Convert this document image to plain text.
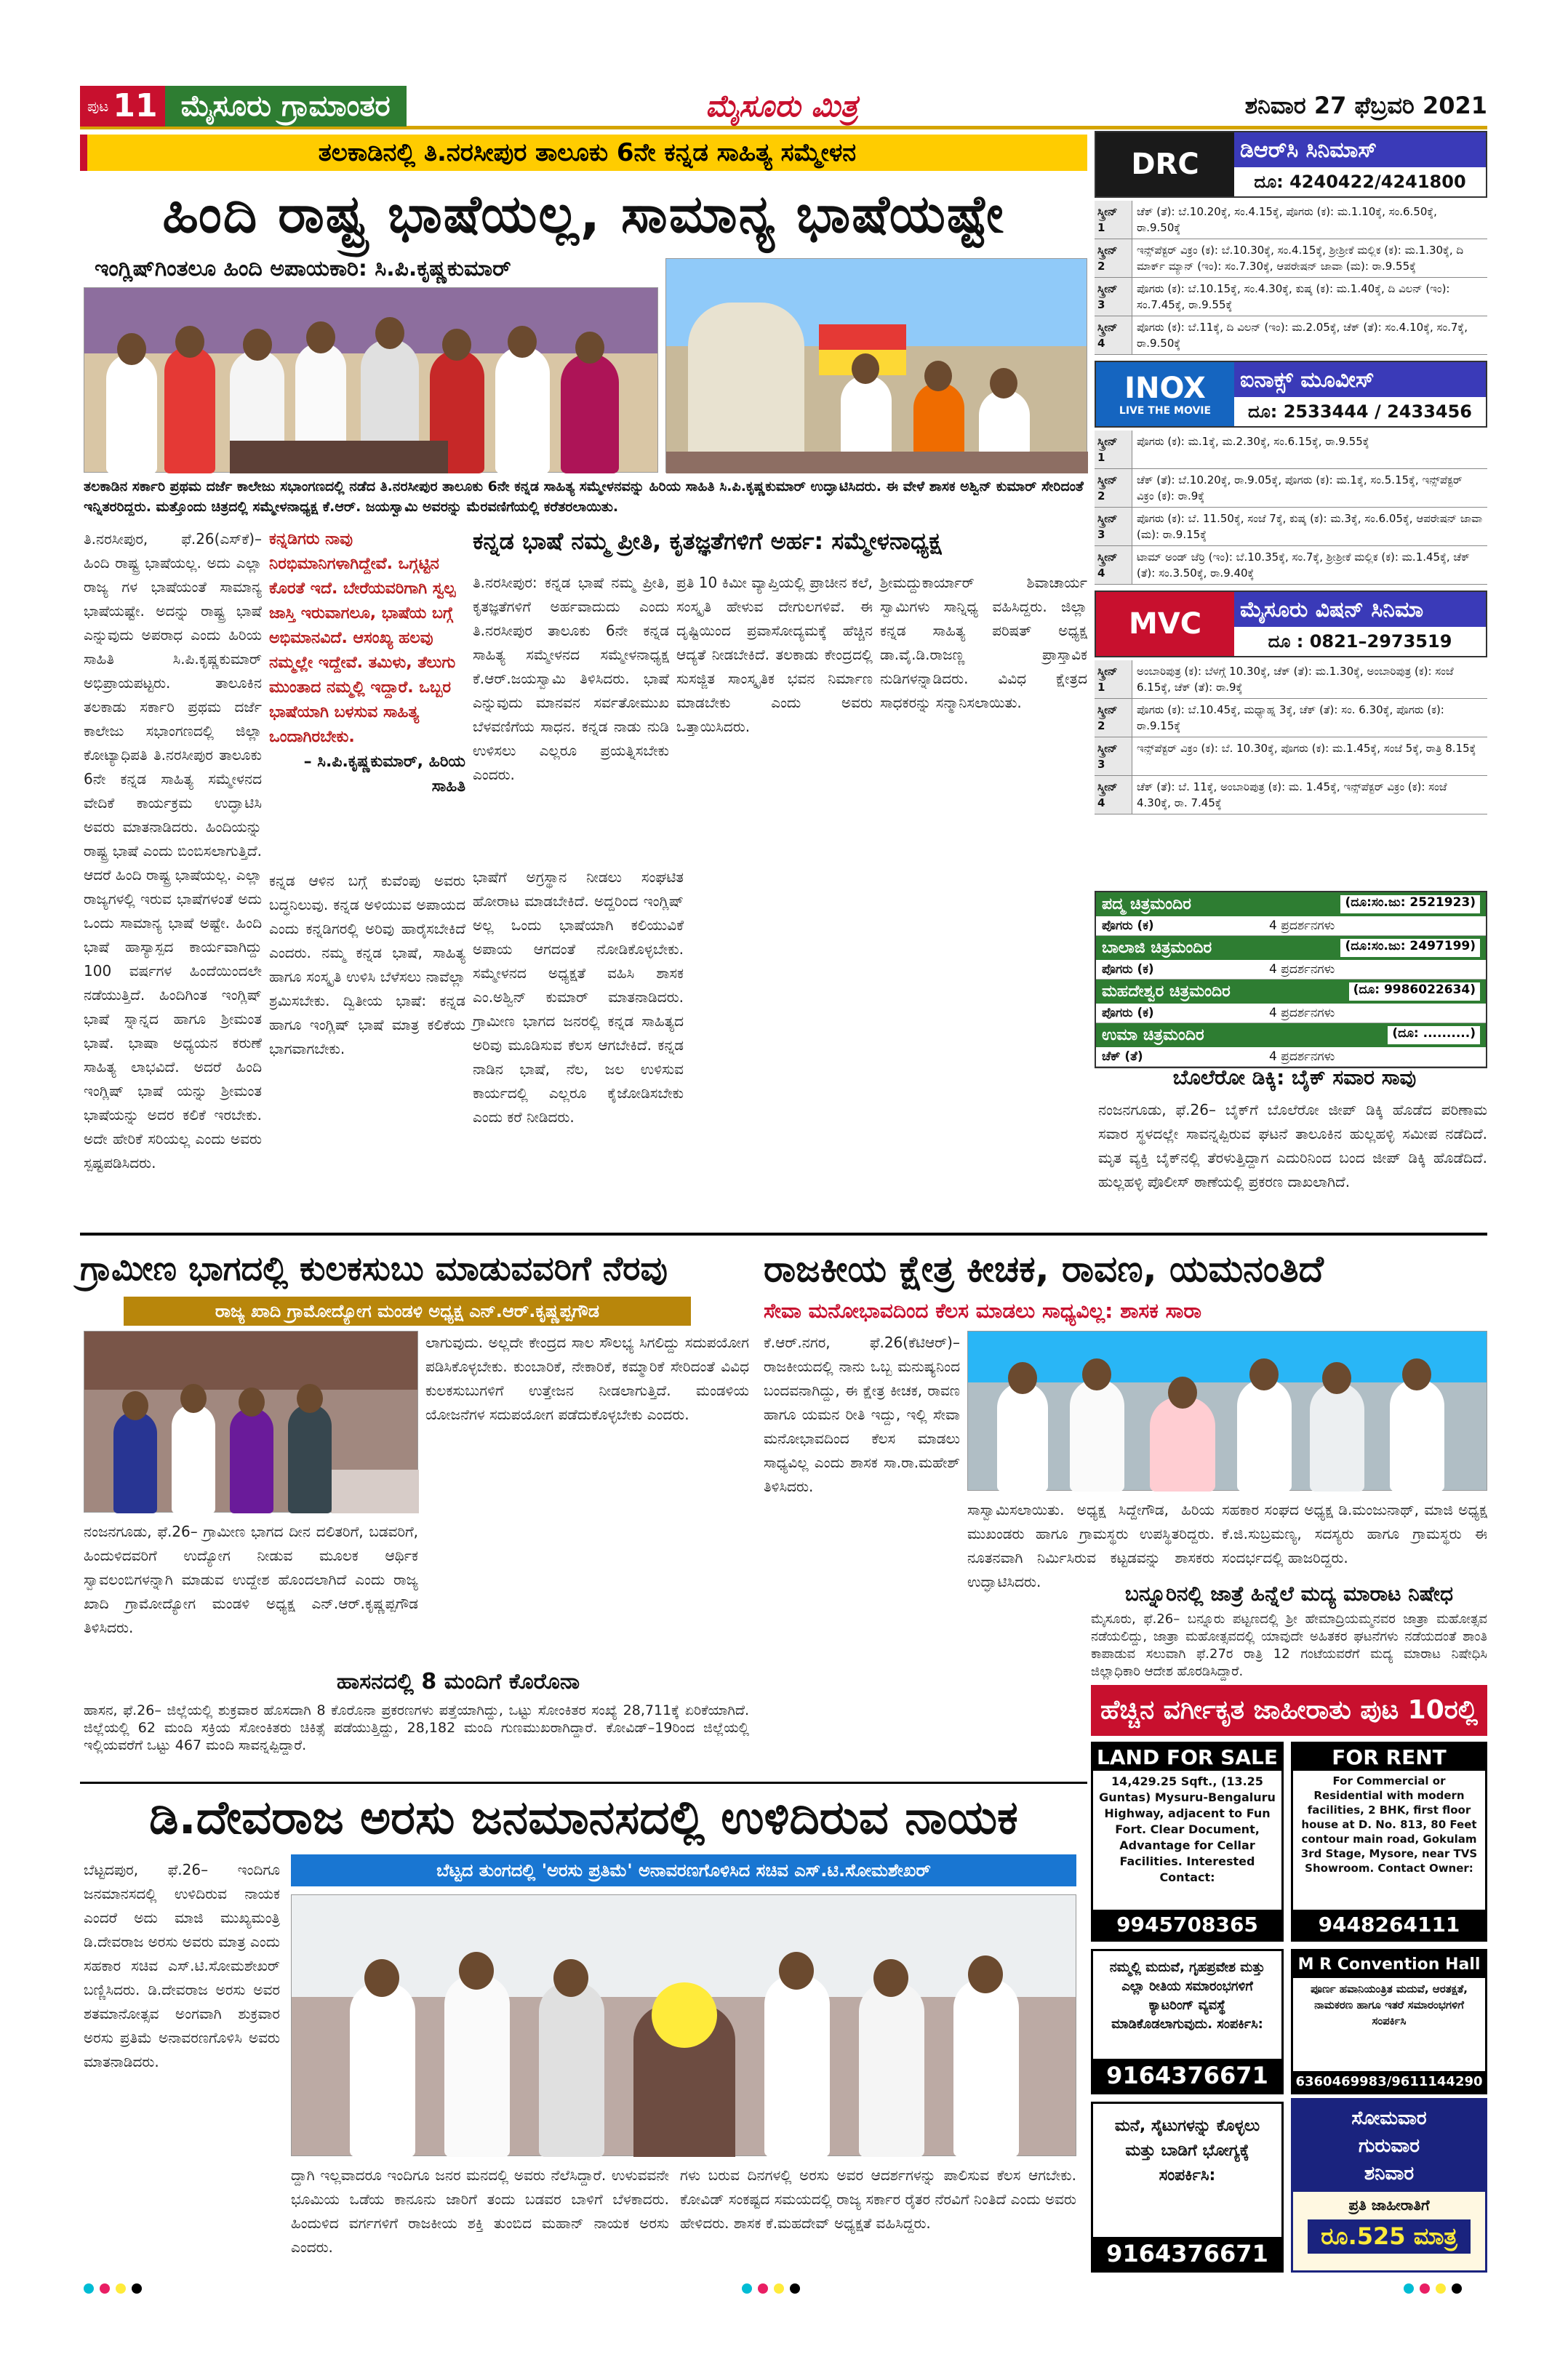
ಪುಟ 11 ಮೈಸೂರು ಗ್ರಾಮಾಂತರ	ಮೈಸೂರು ಮಿತ್ರ	ಶನಿವಾರ 27 ಫೆಬ್ರವರಿ 2021
ತಲಕಾಡಿನಲ್ಲಿ ತಿ.ನರಸೀಪುರ ತಾಲೂಕು 6ನೇ ಕನ್ನಡ ಸಾಹಿತ್ಯ ಸಮ್ಮೇಳನ
ಹಿಂದಿ ರಾಷ್ಟ್ರ ಭಾಷೆಯಲ್ಲ, ಸಾಮಾನ್ಯ ಭಾಷೆಯಷ್ಟೇ
ಇಂಗ್ಲಿಷ್‌ಗಿಂತಲೂ ಹಿಂದಿ ಅಪಾಯಕಾರಿ: ಸಿ.ಪಿ.ಕೃಷ್ಣಕುಮಾರ್
ತಲಕಾಡಿನ ಸರ್ಕಾರಿ ಪ್ರಥಮ ದರ್ಜೆ ಕಾಲೇಜು ಸಭಾಂಗಣದಲ್ಲಿ ನಡೆದ ತಿ.ನರಸೀಪುರ ತಾಲೂಕು 6ನೇ ಕನ್ನಡ ಸಾಹಿತ್ಯ ಸಮ್ಮೇಳನವನ್ನು ಹಿರಿಯ ಸಾಹಿತಿ ಸಿ.ಪಿ.ಕೃಷ್ಣಕುಮಾರ್ ಉದ್ಘಾಟಿಸಿದರು. ಈ ವೇಳೆ ಶಾಸಕ ಅಶ್ವಿನ್ ಕುಮಾರ್ ಸೇರಿದಂತೆ ಇನ್ನಿತರರಿದ್ದರು. ಮತ್ತೊಂದು ಚಿತ್ರದಲ್ಲಿ ಸಮ್ಮೇಳನಾಧ್ಯಕ್ಷ ಕೆ.ಆರ್. ಜಯಸ್ವಾಮಿ ಅವರನ್ನು ಮೆರವಣಿಗೆಯಲ್ಲಿ ಕರೆತರಲಾಯಿತು.
ತಿ.ನರಸೀಪುರ, ಫೆ.26(ಎಸ್‌ಕೆ)– ಹಿಂದಿ ರಾಷ್ಟ್ರ ಭಾಷೆಯಲ್ಲ. ಅದು ಎಲ್ಲಾ ರಾಜ್ಯ ಗಳ ಭಾಷೆಯಂತೆ ಸಾಮಾನ್ಯ ಭಾಷೆಯಷ್ಟೇ. ಅದನ್ನು ರಾಷ್ಟ್ರ ಭಾಷೆ ಎನ್ನುವುದು ಅಪರಾಧ ಎಂದು ಹಿರಿಯ ಸಾಹಿತಿ ಸಿ.ಪಿ.ಕೃಷ್ಣಕುಮಾರ್ ಅಭಿಪ್ರಾಯಪಟ್ಟರು. ತಾಲೂಕಿನ ತಲಕಾಡು ಸರ್ಕಾರಿ ಪ್ರಥಮ ದರ್ಜೆ ಕಾಲೇಜು ಸಭಾಂಗಣದಲ್ಲಿ ಜಿಲ್ಲಾ ಕೋಟ್ಯಾಧಿಪತಿ ತಿ.ನರಸೀಪುರ ತಾಲೂಕು 6ನೇ ಕನ್ನಡ ಸಾಹಿತ್ಯ ಸಮ್ಮೇಳನದ ವೇದಿಕೆ ಕಾರ್ಯಕ್ರಮ ಉದ್ಘಾಟಿಸಿ ಅವರು ಮಾತನಾಡಿದರು. ಹಿಂದಿಯನ್ನು ರಾಷ್ಟ್ರ ಭಾಷೆ ಎಂದು ಬಿಂಬಿಸಲಾಗುತ್ತಿದೆ. ಆದರೆ ಹಿಂದಿ ರಾಷ್ಟ್ರ ಭಾಷೆಯಲ್ಲ. ಎಲ್ಲಾ ರಾಜ್ಯಗಳಲ್ಲಿ ಇರುವ ಭಾಷೆಗಳಂತೆ ಅದು ಒಂದು ಸಾಮಾನ್ಯ ಭಾಷೆ ಅಷ್ಟೇ. ಹಿಂದಿ ಭಾಷೆ ಹಾಸ್ಯಾಸ್ಪದ ಕಾರ್ಯವಾಗಿದ್ದು 100 ವರ್ಷಗಳ ಹಿಂದೆಯಿಂದಲೇ ನಡೆಯುತ್ತಿದೆ. ಹಿಂದಿಗಿಂತ ಇಂಗ್ಲಿಷ್ ಭಾಷೆ ಸ್ನಾನ್ನದ ಹಾಗೂ ಶ್ರೀಮಂತ ಭಾಷೆ. ಭಾಷಾ ಅಧ್ಯಯನ ಕರುಣೆ ಸಾಹಿತ್ಯ ಲಾಭವಿದೆ. ಅದರೆ ಹಿಂದಿ ಇಂಗ್ಲಿಷ್ ಭಾಷೆ ಯನ್ನು ಶ್ರೀಮಂತ ಭಾಷೆಯನ್ನು ಅದರ ಕಲಿಕೆ ಇರಬೇಕು. ಅದೇ ಹೇರಿಕೆ ಸರಿಯಲ್ಲ ಎಂದು ಅವರು ಸ್ಪಷ್ಟಪಡಿಸಿದರು.
ಕನ್ನಡಿಗರು ನಾವು ನಿರಭಿಮಾನಿಗಳಾಗಿದ್ದೇವೆ. ಒಗ್ಗಟ್ಟಿನ ಕೊರತೆ ಇದೆ. ಬೇರೆಯವರಿಗಾಗಿ ಸ್ವಲ್ಪ ಜಾಸ್ತಿ ಇರುವಾಗಲೂ, ಭಾಷೆಯ ಬಗ್ಗೆ ಅಭಿಮಾನವಿದೆ. ಆಸಂಖ್ಯ ಹಲವು ನಮ್ಮಲ್ಲೇ ಇದ್ದೇವೆ. ತಮಿಳು, ತೆಲುಗು ಮುಂತಾದ ನಮ್ಮಲ್ಲಿ ಇದ್ದಾರೆ. ಒಬ್ಬರ ಭಾಷೆಯಾಗಿ ಬಳಸುವ ಸಾಹಿತ್ಯ ಒಂದಾಗಿರಬೇಕು.
– ಸಿ.ಪಿ.ಕೃಷ್ಣಕುಮಾರ್, ಹಿರಿಯ ಸಾಹಿತಿ
ಕನ್ನಡ ಆಳಿನ ಬಗ್ಗೆ ಕುವೆಂಪು ಅವರು ಬದ್ಧನಿಲುವು. ಕನ್ನಡ ಅಳಿಯುವ ಅಪಾಯದ ಎಂದು ಕನ್ನಡಿಗರಲ್ಲಿ ಅರಿವು ಹಾರೈಸಬೇಕಿದೆ ಎಂದರು. ನಮ್ಮ ಕನ್ನಡ ಭಾಷೆ, ಸಾಹಿತ್ಯ ಹಾಗೂ ಸಂಸ್ಕೃತಿ ಉಳಿಸಿ ಬೆಳೆಸಲು ನಾವೆಲ್ಲಾ ಶ್ರಮಿಸಬೇಕು. ದ್ವಿತೀಯ ಭಾಷೆ: ಕನ್ನಡ ಹಾಗೂ ಇಂಗ್ಲಿಷ್ ಭಾಷೆ ಮಾತ್ರ ಕಲಿಕೆಯ ಭಾಗವಾಗಬೇಕು.
ಭಾಷೆಗೆ ಅಗ್ರಸ್ಥಾನ ನೀಡಲು ಸಂಘಟಿತ ಹೋರಾಟ ಮಾಡಬೇಕಿದೆ. ಅದ್ದರಿಂದ ಇಂಗ್ಲಿಷ್ ಅಲ್ಲ ಒಂದು ಭಾಷೆಯಾಗಿ ಕಲಿಯುವಿಕೆ ಅಪಾಯ ಆಗದಂತೆ ನೋಡಿಕೊಳ್ಳಬೇಕು. ಸಮ್ಮೇಳನದ ಅಧ್ಯಕ್ಷತೆ ವಹಿಸಿ ಶಾಸಕ ಎಂ.ಅಶ್ವಿನ್ ಕುಮಾರ್ ಮಾತನಾಡಿದರು. ಗ್ರಾಮೀಣ ಭಾಗದ ಜನರಲ್ಲಿ ಕನ್ನಡ ಸಾಹಿತ್ಯದ ಅರಿವು ಮೂಡಿಸುವ ಕೆಲಸ ಆಗಬೇಕಿದೆ. ಕನ್ನಡ ನಾಡಿನ ಭಾಷೆ, ನೆಲ, ಜಲ ಉಳಿಸುವ ಕಾರ್ಯದಲ್ಲಿ ಎಲ್ಲರೂ ಕೈಜೋಡಿಸಬೇಕು ಎಂದು ಕರೆ ನೀಡಿದರು.
ಕನ್ನಡ ಭಾಷೆ ನಮ್ಮ ಪ್ರೀತಿ, ಕೃತಜ್ಞತೆಗಳಿಗೆ ಅರ್ಹ: ಸಮ್ಮೇಳನಾಧ್ಯಕ್ಷ
ತಿ.ನರಸೀಪುರ: ಕನ್ನಡ ಭಾಷೆ ನಮ್ಮ ಪ್ರೀತಿ, ಕೃತಜ್ಞತೆಗಳಿಗೆ ಅರ್ಹವಾದುದು ಎಂದು ತಿ.ನರಸೀಪುರ ತಾಲೂಕು 6ನೇ ಕನ್ನಡ ಸಾಹಿತ್ಯ ಸಮ್ಮೇಳನದ ಸಮ್ಮೇಳನಾಧ್ಯಕ್ಷ ಕೆ.ಆರ್.ಜಯಸ್ವಾಮಿ ತಿಳಿಸಿದರು. ಭಾಷೆ ಎನ್ನುವುದು ಮಾನವನ ಸರ್ವತೋಮುಖ ಬೆಳವಣಿಗೆಯ ಸಾಧನ. ಕನ್ನಡ ನಾಡು ನುಡಿ ಉಳಿಸಲು ಎಲ್ಲರೂ ಪ್ರಯತ್ನಿಸಬೇಕು ಎಂದರು.
ಪ್ರತಿ 10 ಕಿಮೀ ವ್ಯಾಪ್ತಿಯಲ್ಲಿ ಪ್ರಾಚೀನ ಕಲೆ, ಸಂಸ್ಕೃತಿ ಹೇಳುವ ದೇಗುಲಗಳಿವೆ. ಈ ದೃಷ್ಟಿಯಿಂದ ಪ್ರವಾಸೋದ್ಯಮಕ್ಕೆ ಹೆಚ್ಚಿನ ಆದ್ಯತೆ ನೀಡಬೇಕಿದೆ. ತಲಕಾಡು ಕೇಂದ್ರದಲ್ಲಿ ಸುಸಜ್ಜಿತ ಸಾಂಸ್ಕೃತಿಕ ಭವನ ನಿರ್ಮಾಣ ಮಾಡಬೇಕು ಎಂದು ಅವರು ಒತ್ತಾಯಿಸಿದರು.
ಶ್ರೀಮದ್ದುಕಾರ್ಯಾರ್ ಶಿವಾಚಾರ್ಯ ಸ್ವಾಮಿಗಳು ಸಾನ್ನಿಧ್ಯ ವಹಿಸಿದ್ದರು. ಜಿಲ್ಲಾ ಕನ್ನಡ ಸಾಹಿತ್ಯ ಪರಿಷತ್ ಅಧ್ಯಕ್ಷ ಡಾ.ವೈ.ಡಿ.ರಾಜಣ್ಣ ಪ್ರಾಸ್ತಾವಿಕ ನುಡಿಗಳನ್ನಾಡಿದರು. ವಿವಿಧ ಕ್ಷೇತ್ರದ ಸಾಧಕರನ್ನು ಸನ್ಮಾನಿಸಲಾಯಿತು.
DRC ಡಿಆರ್‌ಸಿ ಸಿನಿಮಾಸ್
ದೂ: 4240422/4241800
ಸ್ಕ್ರೀನ್ 1
ಚೆಕ್ (ತೆ): ಬೆ.10.20ಕ್ಕೆ, ಸಂ.4.15ಕ್ಕೆ, ಪೊಗರು (ಕ): ಮ.1.10ಕ್ಕೆ, ಸಂ.6.50ಕ್ಕೆ, ರಾ.9.50ಕ್ಕೆ
ಸ್ಕ್ರೀನ್ 2
ಇನ್ಸ್‌ಪೆಕ್ಟರ್ ವಿಕ್ರಂ (ಕ): ಬೆ.10.30ಕ್ಕೆ, ಸಂ.4.15ಕ್ಕೆ, ಶ್ರೀಶ್ರೀಕೆ ಮಲ್ಲಿಕ (ಕ): ಮ.1.30ಕ್ಕೆ, ದಿ ಮಾರ್ಕ್ ಮ್ಯಾನ್ (ಇಂ): ಸಂ.7.30ಕ್ಕೆ, ಆಪರೇಷನ್ ಜಾವಾ (ಮ): ರಾ.9.55ಕ್ಕೆ
ಸ್ಕ್ರೀನ್ 3
ಪೊಗರು (ಕ): ಬೆ.10.15ಕ್ಕೆ, ಸಂ.4.30ಕ್ಕೆ, ಕುಷ್ಕ (ಕ): ಮ.1.40ಕ್ಕೆ, ದಿ ವಿಲನ್ (ಇಂ): ಸಂ.7.45ಕ್ಕೆ, ರಾ.9.55ಕ್ಕೆ
ಸ್ಕ್ರೀನ್ 4
ಪೊಗರು (ಕ): ಬೆ.11ಕ್ಕೆ, ದಿ ವಿಲನ್ (ಇಂ): ಮ.2.05ಕ್ಕೆ, ಚೆಕ್ (ತೆ): ಸಂ.4.10ಕ್ಕೆ, ಸಂ.7ಕ್ಕೆ, ರಾ.9.50ಕ್ಕೆ
INOX
LIVE THE MOVIE
ಐನಾಕ್ಸ್ ಮೂವೀಸ್
ದೂ: 2533444 / 2433456
ಸ್ಕ್ರೀನ್ 1
ಪೊಗರು (ಕ): ಮ.1ಕ್ಕೆ, ಮ.2.30ಕ್ಕೆ, ಸಂ.6.15ಕ್ಕೆ, ರಾ.9.55ಕ್ಕೆ
ಸ್ಕ್ರೀನ್ 2
ಚೆಕ್ (ತೆ): ಬೆ.10.20ಕ್ಕೆ, ರಾ.9.05ಕ್ಕೆ, ಪೊಗರು (ಕ): ಮ.1ಕ್ಕೆ, ಸಂ.5.15ಕ್ಕೆ, ಇನ್ಸ್‌ಪೆಕ್ಟರ್ ವಿಕ್ರಂ (ಕ): ರಾ.9ಕ್ಕೆ
ಸ್ಕ್ರೀನ್ 3
ಪೊಗರು (ಕ): ಬೆ. 11.50ಕ್ಕೆ, ಸಂಜೆ 7ಕ್ಕೆ, ಕುಷ್ಕ (ಕ): ಮ.3ಕ್ಕೆ, ಸಂ.6.05ಕ್ಕೆ, ಆಪರೇಷನ್ ಜಾವಾ (ಮ): ರಾ.9.15ಕ್ಕೆ
ಸ್ಕ್ರೀನ್ 4
ಟಾಮ್ ಅಂಡ್ ಜೆರ್ರಿ (ಇಂ): ಬೆ.10.35ಕ್ಕೆ, ಸಂ.7ಕ್ಕೆ, ಶ್ರೀಶ್ರೀಕೆ ಮಲ್ಲಿಕ (ಕ): ಮ.1.45ಕ್ಕೆ, ಚೆಕ್ (ತೆ): ಸಂ.3.50ಕ್ಕೆ, ರಾ.9.40ಕ್ಕೆ
MVC ಮೈಸೂರು ವಿಷನ್ ಸಿನಿಮಾ
ದೂ : 0821–2973519
ಸ್ಕ್ರೀನ್ 1
ಅಂಬಾರಿಪುತ್ರ (ಕ): ಬೆಳಗ್ಗೆ 10.30ಕ್ಕೆ, ಚೆಕ್ (ತೆ): ಮ.1.30ಕ್ಕೆ, ಅಂಬಾರಿಪುತ್ರ (ಕ): ಸಂಜೆ 6.15ಕ್ಕೆ, ಚೆಕ್ (ತೆ): ರಾ.9ಕ್ಕೆ
ಸ್ಕ್ರೀನ್ 2
ಪೊಗರು (ಕ): ಬೆ.10.45ಕ್ಕೆ, ಮಧ್ಯಾಹ್ನ 3ಕ್ಕೆ, ಚೆಕ್ (ತೆ): ಸಂ. 6.30ಕ್ಕೆ, ಪೊಗರು (ಕ): ರಾ.9.15ಕ್ಕೆ
ಸ್ಕ್ರೀನ್ 3
ಇನ್ಸ್‌ಪೆಕ್ಟರ್ ವಿಕ್ರಂ (ಕ): ಬೆ. 10.30ಕ್ಕೆ, ಪೊಗರು (ಕ): ಮ.1.45ಕ್ಕೆ, ಸಂಜೆ 5ಕ್ಕೆ, ರಾತ್ರಿ 8.15ಕ್ಕೆ
ಸ್ಕ್ರೀನ್ 4
ಚೆಕ್ (ತೆ): ಬೆ. 11ಕ್ಕೆ, ಅಂಬಾರಿಪುತ್ರ (ಕ): ಮ. 1.45ಕ್ಕೆ, ಇನ್ಸ್‌ಪೆಕ್ಟರ್ ವಿಕ್ರಂ (ಕ): ಸಂಜೆ 4.30ಕ್ಕೆ, ರಾ. 7.45ಕ್ಕೆ
ಪದ್ಮ ಚಿತ್ರಮಂದಿರ	(ದೂ:ಸಂ.ಜು: 2521923)
ಪೊಗರು (ಕ)	4 ಪ್ರದರ್ಶನಗಳು
ಬಾಲಾಜಿ ಚಿತ್ರಮಂದಿರ	(ದೂ:ಸಂ.ಜು: 2497199)
ಪೊಗರು (ಕ)	4 ಪ್ರದರ್ಶನಗಳು
ಮಹದೇಶ್ವರ ಚಿತ್ರಮಂದಿರ	(ದೂ: 9986022634)
ಪೊಗರು (ಕ)	4 ಪ್ರದರ್ಶನಗಳು
ಉಮಾ ಚಿತ್ರಮಂದಿರ	(ದೂ: ..........)
ಚೆಕ್ (ತೆ)	4 ಪ್ರದರ್ಶನಗಳು
ಬೊಲೆರೋ ಡಿಕ್ಕಿ: ಬೈಕ್ ಸವಾರ ಸಾವು
ನಂಜನಗೂಡು, ಫೆ.26– ಬೈಕ್‌ಗೆ ಬೊಲೆರೋ ಜೀಪ್ ಡಿಕ್ಕಿ ಹೊಡೆದ ಪರಿಣಾಮ ಸವಾರ ಸ್ಥಳದಲ್ಲೇ ಸಾವನ್ನಪ್ಪಿರುವ ಘಟನೆ ತಾಲೂಕಿನ ಹುಲ್ಲಹಳ್ಳಿ ಸಮೀಪ ನಡೆದಿದೆ. ಮೃತ ವ್ಯಕ್ತಿ ಬೈಕ್‌ನಲ್ಲಿ ತೆರಳುತ್ತಿದ್ದಾಗ ಎದುರಿನಿಂದ ಬಂದ ಜೀಪ್ ಡಿಕ್ಕಿ ಹೊಡೆದಿದೆ. ಹುಲ್ಲಹಳ್ಳಿ ಪೊಲೀಸ್ ಠಾಣೆಯಲ್ಲಿ ಪ್ರಕರಣ ದಾಖಲಾಗಿದೆ.
ಗ್ರಾಮೀಣ ಭಾಗದಲ್ಲಿ ಕುಲಕಸುಬು ಮಾಡುವವರಿಗೆ ನೆರವು
ರಾಜ್ಯ ಖಾದಿ ಗ್ರಾಮೋದ್ಯೋಗ ಮಂಡಳಿ ಅಧ್ಯಕ್ಷ ಎನ್.ಆರ್.ಕೃಷ್ಣಪ್ಪಗೌಡ
ನಂಜನಗೂಡು, ಫೆ.26– ಗ್ರಾಮೀಣ ಭಾಗದ ದೀನ ದಲಿತರಿಗೆ, ಬಡವರಿಗೆ, ಹಿಂದುಳಿದವರಿಗೆ ಉದ್ಯೋಗ ನೀಡುವ ಮೂಲಕ ಆರ್ಥಿಕ ಸ್ವಾವಲಂಬಿಗಳನ್ನಾಗಿ ಮಾಡುವ ಉದ್ದೇಶ ಹೊಂದಲಾಗಿದೆ ಎಂದು ರಾಜ್ಯ ಖಾದಿ ಗ್ರಾಮೋದ್ಯೋಗ ಮಂಡಳಿ ಅಧ್ಯಕ್ಷ ಎನ್.ಆರ್.ಕೃಷ್ಣಪ್ಪಗೌಡ ತಿಳಿಸಿದರು.
ಲಾಗುವುದು. ಅಲ್ಲದೇ ಕೇಂದ್ರದ ಸಾಲ ಸೌಲಭ್ಯ ಸಿಗಲಿದ್ದು ಸದುಪಯೋಗ ಪಡಿಸಿಕೊಳ್ಳಬೇಕು. ಕುಂಬಾರಿಕೆ, ನೇಕಾರಿಕೆ, ಕಮ್ಮಾರಿಕೆ ಸೇರಿದಂತೆ ವಿವಿಧ ಕುಲಕಸುಬುಗಳಿಗೆ ಉತ್ತೇಜನ ನೀಡಲಾಗುತ್ತಿದೆ. ಮಂಡಳಿಯ ಯೋಜನೆಗಳ ಸದುಪಯೋಗ ಪಡೆದುಕೊಳ್ಳಬೇಕು ಎಂದರು.
ಹಾಸನದಲ್ಲಿ 8 ಮಂದಿಗೆ ಕೊರೊನಾ
ಹಾಸನ, ಫೆ.26– ಜಿಲ್ಲೆಯಲ್ಲಿ ಶುಕ್ರವಾರ ಹೊಸದಾಗಿ 8 ಕೊರೊನಾ ಪ್ರಕರಣಗಳು ಪತ್ತೆಯಾಗಿದ್ದು, ಒಟ್ಟು ಸೋಂಕಿತರ ಸಂಖ್ಯೆ 28,711ಕ್ಕೆ ಏರಿಕೆಯಾಗಿದೆ. ಜಿಲ್ಲೆಯಲ್ಲಿ 62 ಮಂದಿ ಸಕ್ರಿಯ ಸೋಂಕಿತರು ಚಿಕಿತ್ಸೆ ಪಡೆಯುತ್ತಿದ್ದು, 28,182 ಮಂದಿ ಗುಣಮುಖರಾಗಿದ್ದಾರೆ. ಕೋವಿಡ್–19ರಿಂದ ಜಿಲ್ಲೆಯಲ್ಲಿ ಇಲ್ಲಿಯವರೆಗೆ ಒಟ್ಟು 467 ಮಂದಿ ಸಾವನ್ನಪ್ಪಿದ್ದಾರೆ.
ರಾಜಕೀಯ ಕ್ಷೇತ್ರ ಕೀಚಕ, ರಾವಣ, ಯಮನಂತಿದೆ
ಸೇವಾ ಮನೋಭಾವದಿಂದ ಕೆಲಸ ಮಾಡಲು ಸಾಧ್ಯವಿಲ್ಲ: ಶಾಸಕ ಸಾರಾ
ಕೆ.ಆರ್.ನಗರ, ಫೆ.26(ಕೆಟಿಆರ್)– ರಾಜಕೀಯದಲ್ಲಿ ನಾನು ಒಬ್ಬ ಮನುಷ್ಯನಿಂದ ಬಂದವನಾಗಿದ್ದು, ಈ ಕ್ಷೇತ್ರ ಕೀಚಕ, ರಾವಣ ಹಾಗೂ ಯಮನ ರೀತಿ ಇದ್ದು, ಇಲ್ಲಿ ಸೇವಾ ಮನೋಭಾವದಿಂದ ಕೆಲಸ ಮಾಡಲು ಸಾಧ್ಯವಿಲ್ಲ ಎಂದು ಶಾಸಕ ಸಾ.ರಾ.ಮಹೇಶ್ ತಿಳಿಸಿದರು.
ಸಾಸ್ವಾಮಿಸಲಾಯಿತು. ಅಧ್ಯಕ್ಷ ಸಿದ್ದೇಗೌಡ, ಹಿರಿಯ ಮುಖಂಡರು ಹಾಗೂ ಗ್ರಾಮಸ್ಥರು ಉಪಸ್ಥಿತರಿದ್ದರು. ನೂತನವಾಗಿ ನಿರ್ಮಿಸಿರುವ ಕಟ್ಟಡವನ್ನು ಶಾಸಕರು ಉದ್ಘಾಟಿಸಿದರು.
ಸಹಕಾರ ಸಂಘದ ಅಧ್ಯಕ್ಷ ಡಿ.ಮಂಜುನಾಥ್, ಮಾಜಿ ಅಧ್ಯಕ್ಷ ಕೆ.ಜಿ.ಸುಬ್ರಮಣ್ಯ, ಸದಸ್ಯರು ಹಾಗೂ ಗ್ರಾಮಸ್ಥರು ಈ ಸಂದರ್ಭದಲ್ಲಿ ಹಾಜರಿದ್ದರು.
ಬನ್ನೂರಿನಲ್ಲಿ ಜಾತ್ರೆ ಹಿನ್ನೆಲೆ ಮದ್ಯ ಮಾರಾಟ ನಿಷೇಧ
ಮೈಸೂರು, ಫೆ.26– ಬನ್ನೂರು ಪಟ್ಟಣದಲ್ಲಿ ಶ್ರೀ ಹೇಮಾದ್ರಿಯಮ್ಮನವರ ಜಾತ್ರಾ ಮಹೋತ್ಸವ ನಡೆಯಲಿದ್ದು, ಜಾತ್ರಾ ಮಹೋತ್ಸವದಲ್ಲಿ ಯಾವುದೇ ಅಹಿತಕರ ಘಟನೆಗಳು ನಡೆಯದಂತೆ ಶಾಂತಿ ಕಾಪಾಡುವ ಸಲುವಾಗಿ ಫೆ.27ರ ರಾತ್ರಿ 12 ಗಂಟೆಯವರೆಗೆ ಮದ್ಯ ಮಾರಾಟ ನಿಷೇಧಿಸಿ ಜಿಲ್ಲಾಧಿಕಾರಿ ಆದೇಶ ಹೊರಡಿಸಿದ್ದಾರೆ.
ಹೆಚ್ಚಿನ ವರ್ಗೀಕೃತ ಜಾಹೀರಾತು ಪುಟ 10ರಲ್ಲಿ
LAND FOR SALE
14,429.25 Sqft., (13.25 Guntas) Mysuru-Bengaluru Highway, adjacent to Fun Fort. Clear Document, Advantage for Cellar Facilities. Interested Contact:
9945708365
FOR RENT
For Commercial or Residential with modern facilities, 2 BHK, first floor house at D. No. 813, 80 Feet contour main road, Gokulam 3rd Stage, Mysore, near TVS Showroom. Contact Owner:
9448264111
ನಮ್ಮಲ್ಲಿ ಮದುವೆ, ಗೃಹಪ್ರವೇಶ ಮತ್ತು ಎಲ್ಲಾ ರೀತಿಯ ಸಮಾರಂಭಗಳಿಗೆ ಕ್ಯಾಟರಿಂಗ್ ವ್ಯವಸ್ಥೆ ಮಾಡಿಕೊಡಲಾಗುವುದು. ಸಂಪರ್ಕಿಸಿ:
9164376671
M R Convention Hall
ಪೂರ್ಣ ಹವಾನಿಯಂತ್ರಿತ ಮದುವೆ, ಆರತಕ್ಷತೆ, ನಾಮಕರಣ ಹಾಗೂ ಇತರೆ ಸಮಾರಂಭಗಳಿಗೆ ಸಂಪರ್ಕಿಸಿ
6360469983/9611144290
ಮನೆ, ಸೈಟುಗಳನ್ನು ಕೊಳ್ಳಲು ಮತ್ತು ಬಾಡಿಗೆ ಭೋಗ್ಯಕ್ಕೆ ಸಂಪರ್ಕಿಸಿ:
9164376671
ಸೋಮವಾರ
ಗುರುವಾರ
ಶನಿವಾರ
ಪ್ರತಿ ಜಾಹೀರಾತಿಗೆ
ರೂ.525 ಮಾತ್ರ
ಡಿ.ದೇವರಾಜ ಅರಸು ಜನಮಾನಸದಲ್ಲಿ ಉಳಿದಿರುವ ನಾಯಕ
ಬೆಟ್ಟದ ತುಂಗದಲ್ಲಿ 'ಅರಸು ಪ್ರತಿಮೆ' ಅನಾವರಣಗೊಳಿಸಿದ ಸಚಿವ ಎಸ್.ಟಿ.ಸೋಮಶೇಖರ್
ಬೆಟ್ಟದಪುರ, ಫೆ.26– ಇಂದಿಗೂ ಜನಮಾನಸದಲ್ಲಿ ಉಳಿದಿರುವ ನಾಯಕ ಎಂದರೆ ಅದು ಮಾಜಿ ಮುಖ್ಯಮಂತ್ರಿ ಡಿ.ದೇವರಾಜ ಅರಸು ಅವರು ಮಾತ್ರ ಎಂದು ಸಹಕಾರ ಸಚಿವ ಎಸ್.ಟಿ.ಸೋಮಶೇಖರ್ ಬಣ್ಣಿಸಿದರು. ಡಿ.ದೇವರಾಜ ಅರಸು ಅವರ ಶತಮಾನೋತ್ಸವ ಅಂಗವಾಗಿ ಶುಕ್ರವಾರ ಅರಸು ಪ್ರತಿಮೆ ಅನಾವರಣಗೊಳಿಸಿ ಅವರು ಮಾತನಾಡಿದರು.
ದ್ದಾಗಿ ಇಲ್ಲವಾದರೂ ಇಂದಿಗೂ ಜನರ ಮನದಲ್ಲಿ ಅವರು ನೆಲೆಸಿದ್ದಾರೆ. ಉಳುವವನೇ ಭೂಮಿಯ ಒಡೆಯ ಕಾನೂನು ಜಾರಿಗೆ ತಂದು ಬಡವರ ಬಾಳಿಗೆ ಬೆಳಕಾದರು. ಹಿಂದುಳಿದ ವರ್ಗಗಳಿಗೆ ರಾಜಕೀಯ ಶಕ್ತಿ ತುಂಬಿದ ಮಹಾನ್ ನಾಯಕ ಅರಸು ಎಂದರು.
ಗಳು ಬರುವ ದಿನಗಳಲ್ಲಿ ಅರಸು ಅವರ ಆದರ್ಶಗಳನ್ನು ಪಾಲಿಸುವ ಕೆಲಸ ಆಗಬೇಕು. ಕೋವಿಡ್ ಸಂಕಷ್ಟದ ಸಮಯದಲ್ಲಿ ರಾಜ್ಯ ಸರ್ಕಾರ ರೈತರ ನೆರವಿಗೆ ನಿಂತಿದೆ ಎಂದು ಅವರು ಹೇಳಿದರು. ಶಾಸಕ ಕೆ.ಮಹದೇವ್ ಅಧ್ಯಕ್ಷತೆ ವಹಿಸಿದ್ದರು.
